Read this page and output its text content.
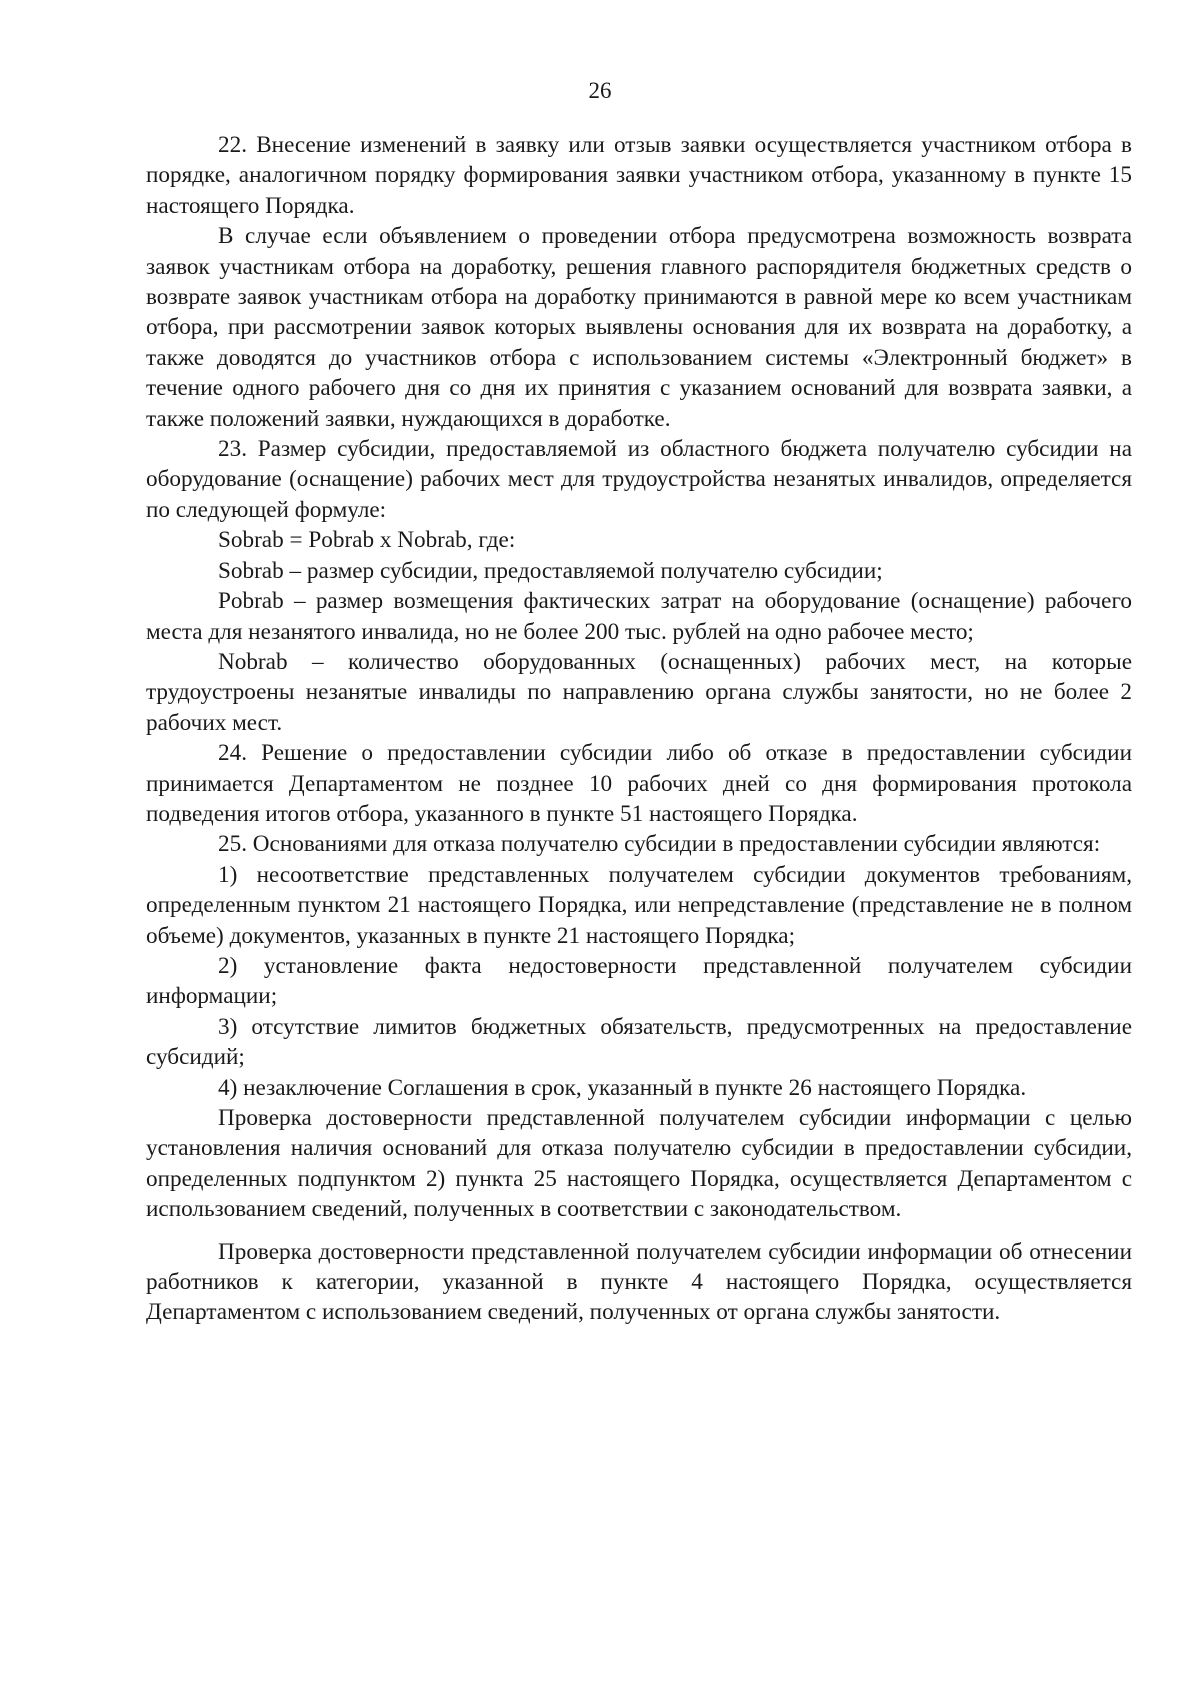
26

22. Внесение изменений в заявку или отзыв заявки осуществляется участником отбора в порядке, аналогичном порядку формирования заявки участником отбора, указанному в пункте 15 настоящего Порядка.

В случае если объявлением о проведении отбора предусмотрена возможность возврата заявок участникам отбора на доработку, решения главного распорядителя бюджетных средств о возврате заявок участникам отбора на доработку принимаются в равной мере ко всем участникам отбора, при рассмотрении заявок которых выявлены основания для их возврата на доработку, а также доводятся до участников отбора с использованием системы «Электронный бюджет» в течение одного рабочего дня со дня их принятия с указанием оснований для возврата заявки, а также положений заявки, нуждающихся в доработке.

23. Размер субсидии, предоставляемой из областного бюджета получателю субсидии на оборудование (оснащение) рабочих мест для трудоустройства незанятых инвалидов, определяется по следующей формуле:

Sobrab = Pobrab x Nobrab, где:

Sobrab – размер субсидии, предоставляемой получателю субсидии;

Pobrab – размер возмещения фактических затрат на оборудование (оснащение) рабочего места для незанятого инвалида, но не более 200 тыс. рублей на одно рабочее место;

Nobrab – количество оборудованных (оснащенных) рабочих мест, на которые трудоустроены незанятые инвалиды по направлению органа службы занятости, но не более 2 рабочих мест.

24. Решение о предоставлении субсидии либо об отказе в предоставлении субсидии принимается Департаментом не позднее 10 рабочих дней со дня формирования протокола подведения итогов отбора, указанного в пункте 51 настоящего Порядка.

25. Основаниями для отказа получателю субсидии в предоставлении субсидии являются:

1) несоответствие представленных получателем субсидии документов требованиям, определенным пунктом 21 настоящего Порядка, или непредставление (представление не в полном объеме) документов, указанных в пункте 21 настоящего Порядка;

2) установление факта недостоверности представленной получателем субсидии информации;

3) отсутствие лимитов бюджетных обязательств, предусмотренных на предоставление субсидий;

4) незаключение Соглашения в срок, указанный в пункте 26 настоящего Порядка.

Проверка достоверности представленной получателем субсидии информации с целью установления наличия оснований для отказа получателю субсидии в предоставлении субсидии, определенных подпунктом 2) пункта 25 настоящего Порядка, осуществляется Департаментом с использованием сведений, полученных в соответствии с законодательством.

Проверка достоверности представленной получателем субсидии информации об отнесении работников к категории, указанной в пункте 4 настоящего Порядка, осуществляется Департаментом с использованием сведений, полученных от органа службы занятости.
